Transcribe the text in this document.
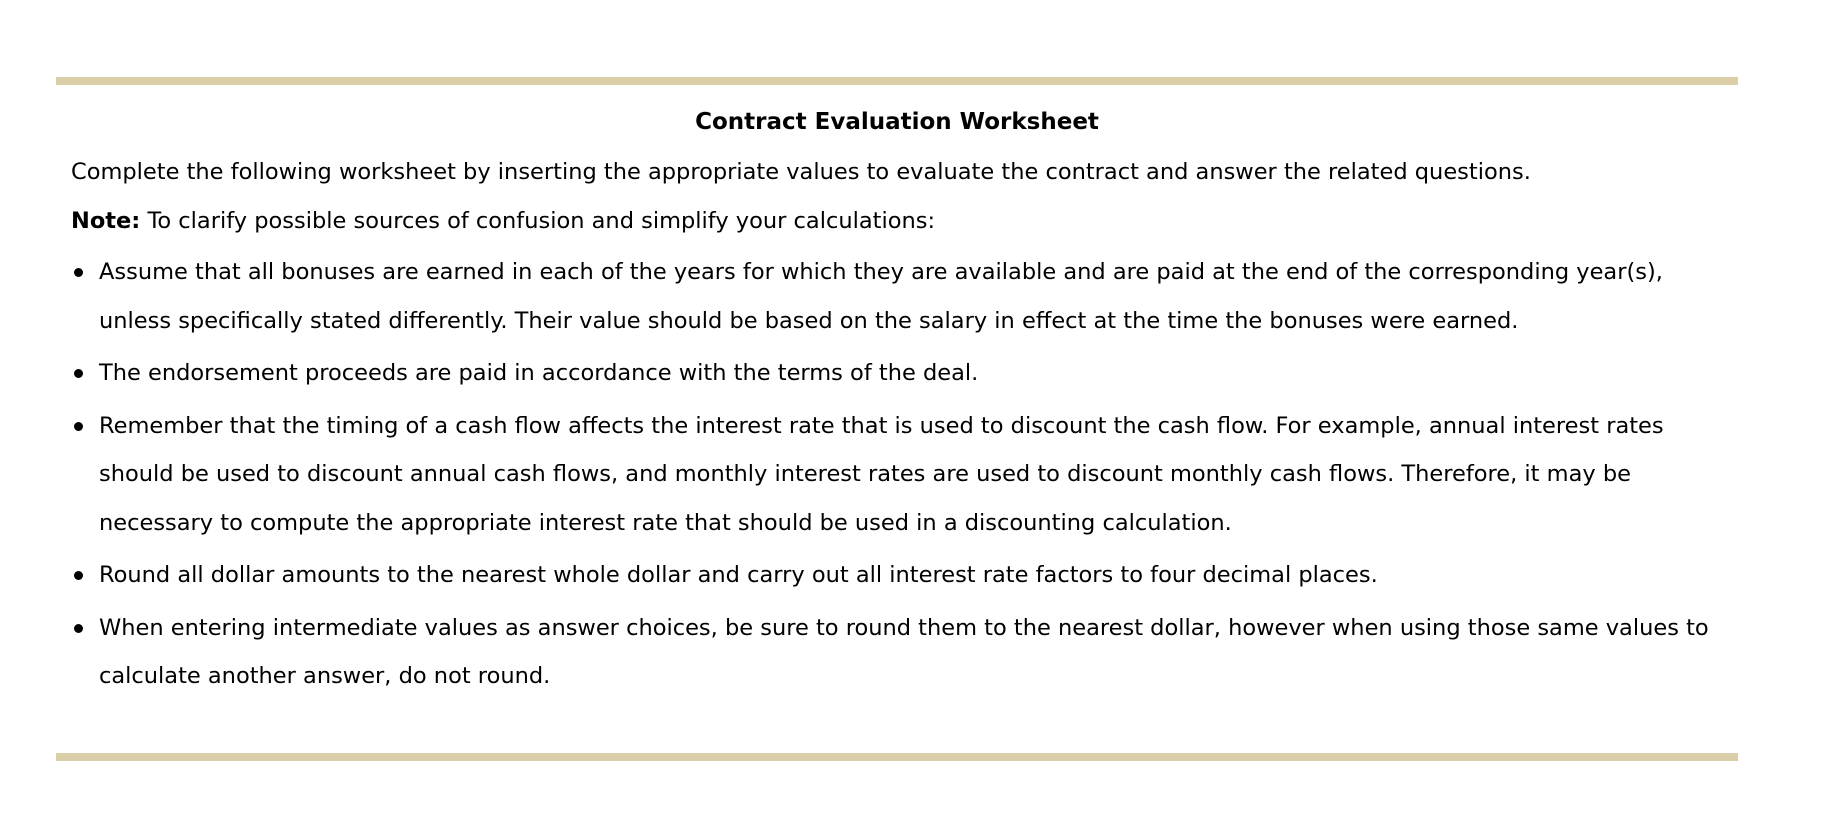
Contract Evaluation Worksheet
Complete the following worksheet by inserting the appropriate values to evaluate the contract and answer the related questions.
Note: To clarify possible sources of confusion and simplify your calculations:
Assume that all bonuses are earned in each of the years for which they are available and are paid at the end of the corresponding year(s), unless specifically stated differently. Their value should be based on the salary in effect at the time the bonuses were earned.
The endorsement proceeds are paid in accordance with the terms of the deal.
Remember that the timing of a cash flow affects the interest rate that is used to discount the cash flow. For example, annual interest rates should be used to discount annual cash flows, and monthly interest rates are used to discount monthly cash flows. Therefore, it may be necessary to compute the appropriate interest rate that should be used in a discounting calculation.
Round all dollar amounts to the nearest whole dollar and carry out all interest rate factors to four decimal places.
When entering intermediate values as answer choices, be sure to round them to the nearest dollar, however when using those same values to calculate another answer, do not round.
